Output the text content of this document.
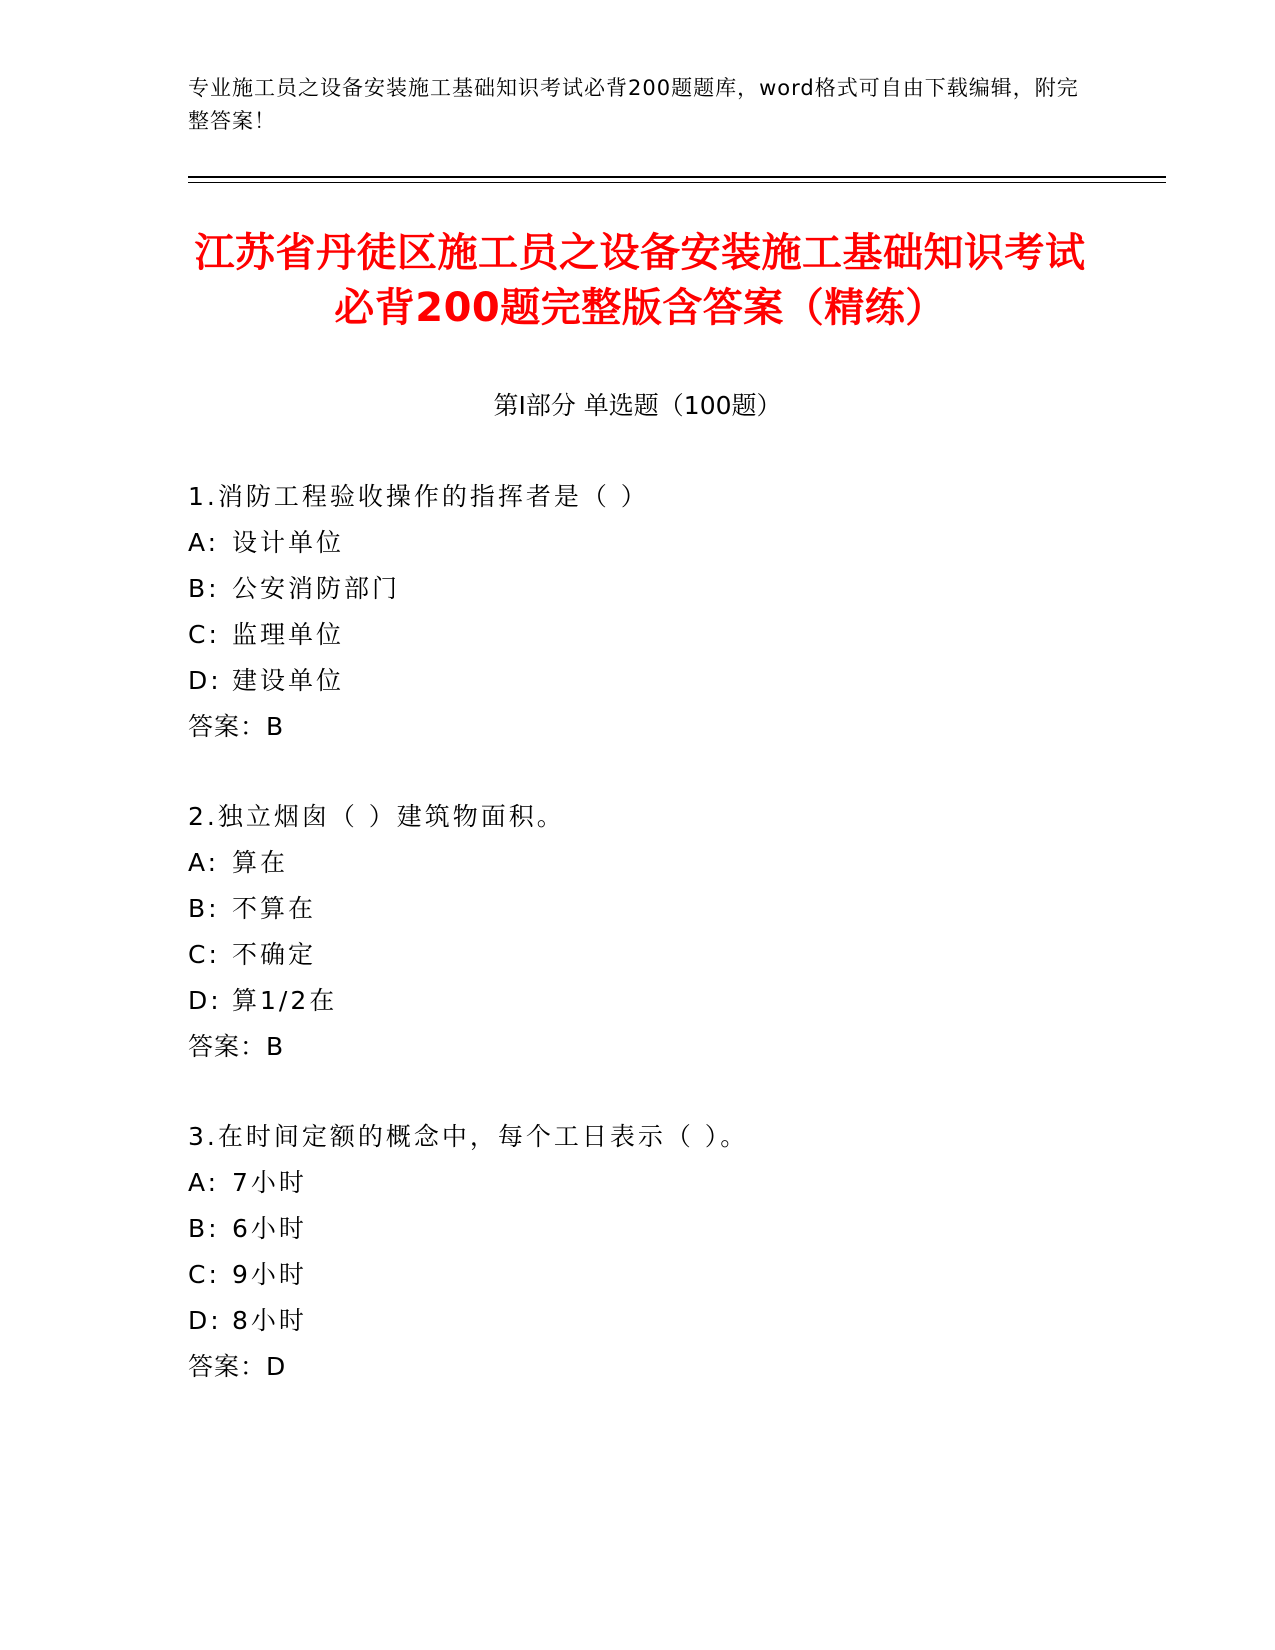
专业施工员之设备安装施工基础知识考试必背200题题库，word格式可自由下载编辑，附完整答案！
江苏省丹徒区施工员之设备安装施工基础知识考试必背200题完整版含答案（精练）
第I部分 单选题（100题）
1.消防工程验收操作的指挥者是（ ）
A: 设计单位
B: 公安消防部门
C: 监理单位
D: 建设单位
答案：B
2.独立烟囱（ ）建筑物面积。
A: 算在
B: 不算在
C: 不确定
D: 算1/2在
答案：B
3.在时间定额的概念中，每个工日表示（ ）。
A: 7小时
B: 6小时
C: 9小时
D: 8小时
答案：D
